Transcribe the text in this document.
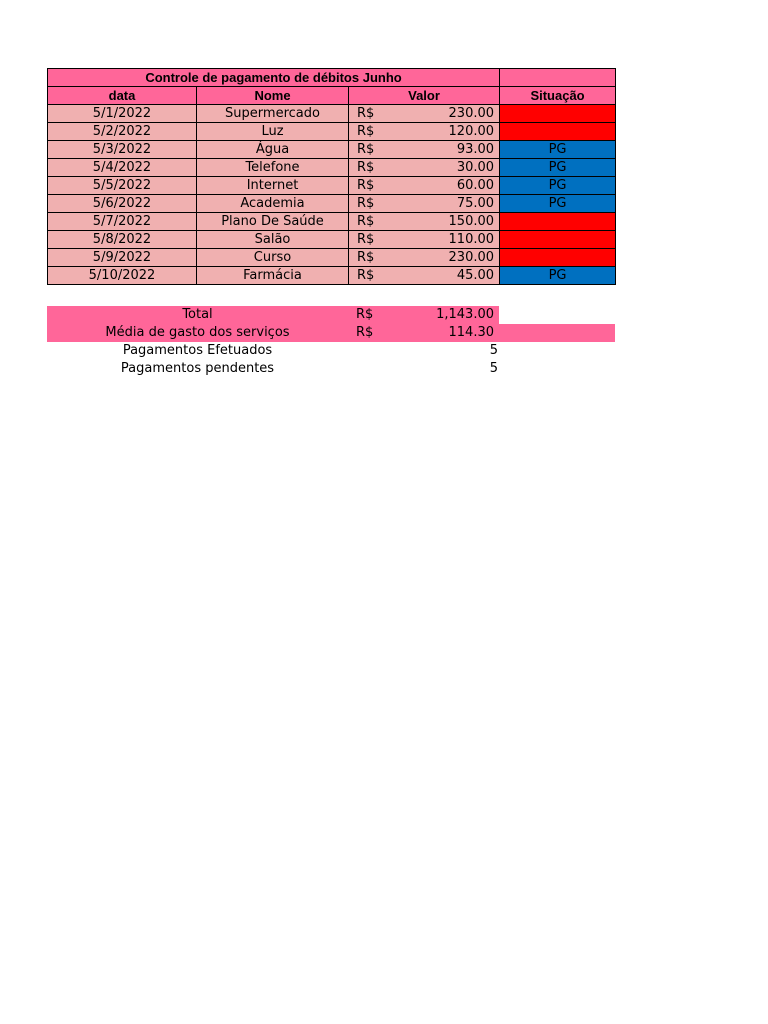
Controle de pagamento de débitos Junho				
data	Nome	Valor		Situação
5/1/2022	Supermercado	R$	230.00	
5/2/2022	Luz	R$	120.00	
5/3/2022	Água	R$	93.00	PG
5/4/2022	Telefone	R$	30.00	PG
5/5/2022	Internet	R$	60.00	PG
5/6/2022	Academia	R$	75.00	PG
5/7/2022	Plano De Saúde	R$	150.00	
5/8/2022	Salão	R$	110.00	
5/9/2022	Curso	R$	230.00	
5/10/2022	Farmácia	R$	45.00	PG
Total	R$	1,143.00
Média de gasto dos serviços	R$	114.30
Pagamentos Efetuados	5
Pagamentos pendentes	5
